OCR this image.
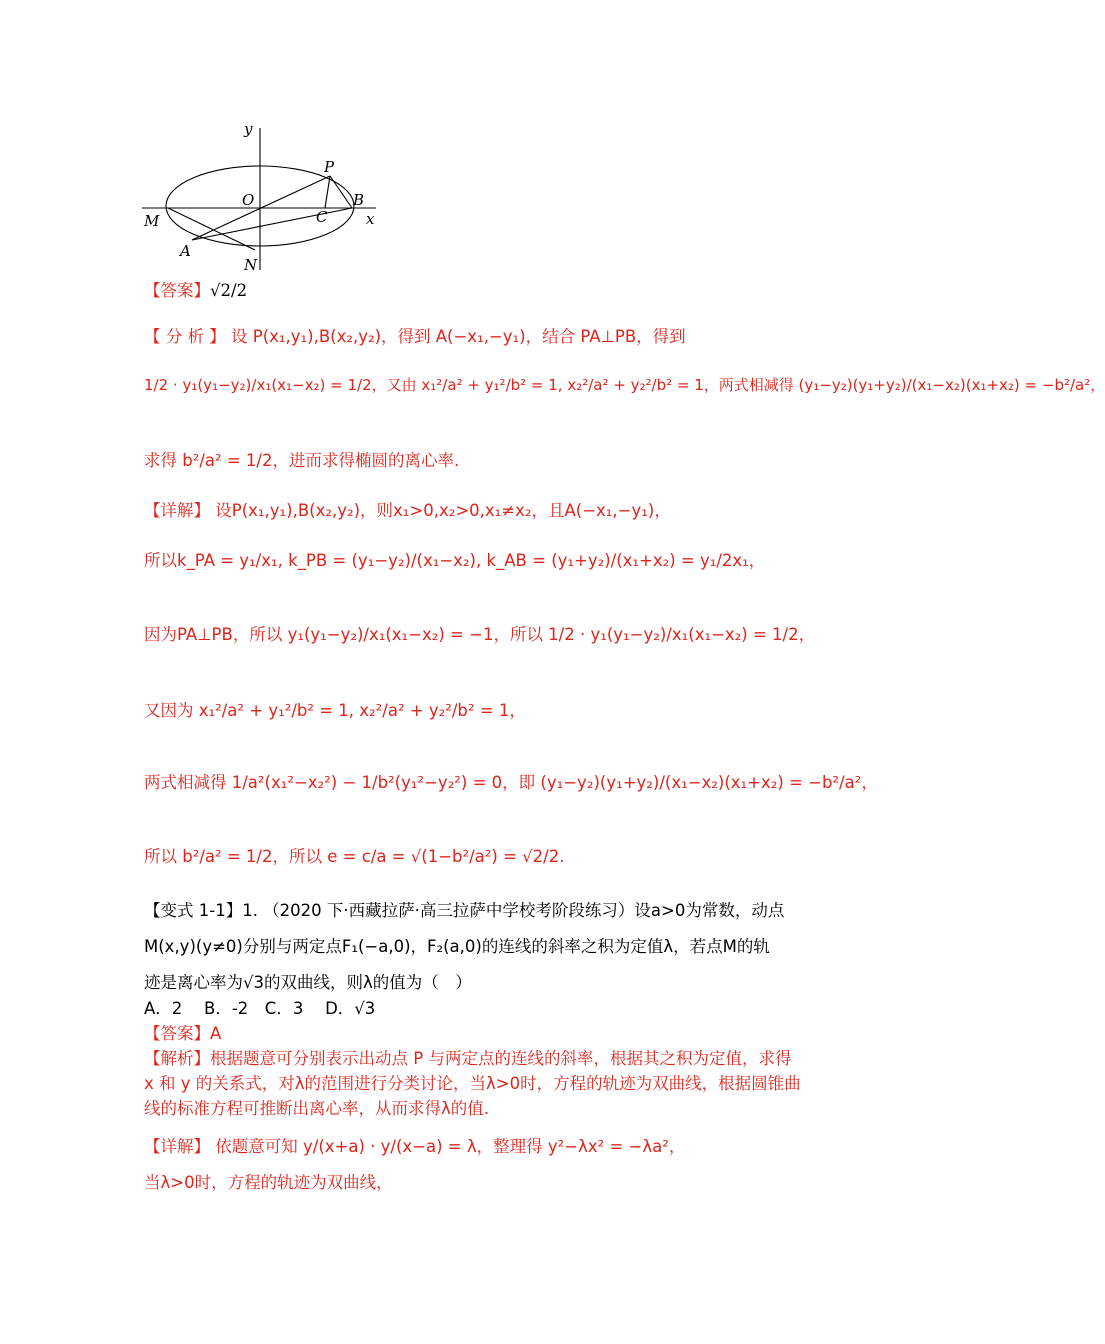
y
P
O	B
C	x
M
A
N
【答案】 √2/2
【 分 析 】 设 P(x₁,y₁),B(x₂,y₂)，得到 A(−x₁,−y₁)，结合 PA⊥PB，得到
1/2 · y₁(y₁−y₂)/x₁(x₁−x₂) = 1/2，又由 x₁²/a² + y₁²/b² = 1, x₂²/a² + y₂²/b² = 1，两式相减得 (y₁−y₂)(y₁+y₂)/(x₁−x₂)(x₁+x₂) = −b²/a²，
求得 b²/a² = 1/2，进而求得椭圆的离心率.
【详解】 设P(x₁,y₁),B(x₂,y₂)，则x₁>0,x₂>0,x₁≠x₂，且A(−x₁,−y₁)，
所以k_PA = y₁/x₁, k_PB = (y₁−y₂)/(x₁−x₂), k_AB = (y₁+y₂)/(x₁+x₂) = y₁/2x₁，
因为PA⊥PB，所以 y₁(y₁−y₂)/x₁(x₁−x₂) = −1，所以 1/2 · y₁(y₁−y₂)/x₁(x₁−x₂) = 1/2，
又因为 x₁²/a² + y₁²/b² = 1, x₂²/a² + y₂²/b² = 1，
两式相减得 1/a²(x₁²−x₂²) − 1/b²(y₁²−y₂²) = 0，即 (y₁−y₂)(y₁+y₂)/(x₁−x₂)(x₁+x₂) = −b²/a²，
所以 b²/a² = 1/2，所以 e = c/a = √(1−b²/a²) = √2/2.
【变式 1-1】1. （2020 下·西藏拉萨·高三拉萨中学校考阶段练习）设a>0为常数，动点
M(x,y)(y≠0)分别与两定点F₁(−a,0)，F₂(a,0)的连线的斜率之积为定值λ，若点M的轨
迹是离心率为√3的双曲线，则λ的值为（　）
A．2　 B．-2　C．3　 D．√3
【答案】A
【解析】根据题意可分别表示出动点 P 与两定点的连线的斜率，根据其之积为定值，求得
x 和 y 的关系式，对λ的范围进行分类讨论，当λ>0时，方程的轨迹为双曲线，根据圆锥曲
线的标准方程可推断出离心率，从而求得λ的值.
【详解】 依题意可知 y/(x+a) · y/(x−a) = λ，整理得 y²−λx² = −λa²，
当λ>0时，方程的轨迹为双曲线，
